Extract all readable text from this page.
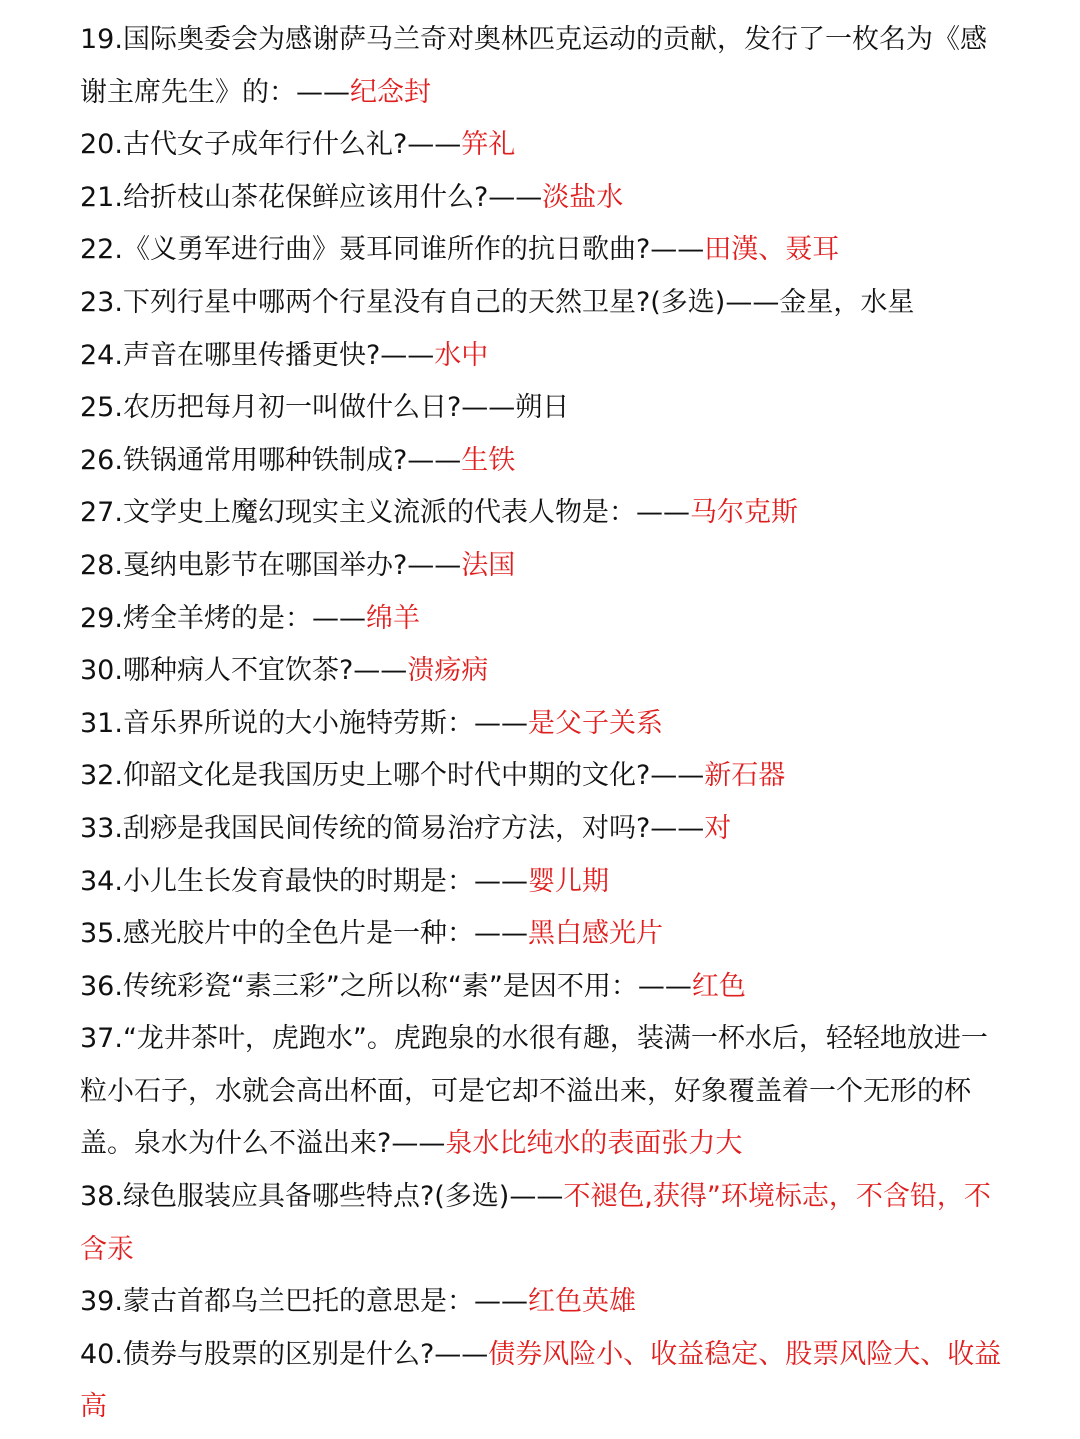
19.国际奥委会为感谢萨马兰奇对奥林匹克运动的贡献，发行了一枚名为《感谢主席先生》的：——纪念封

20.古代女子成年行什么礼?——笄礼

21.给折枝山茶花保鲜应该用什么?——淡盐水

22.《义勇军进行曲》聂耳同谁所作的抗日歌曲?——田漢、聂耳

23.下列行星中哪两个行星没有自己的天然卫星?(多选)——金星，水星

24.声音在哪里传播更快?——水中

25.农历把每月初一叫做什么日?——朔日

26.铁锅通常用哪种铁制成?——生铁

27.文学史上魔幻现实主义流派的代表人物是：——马尔克斯

28.戛纳电影节在哪国举办?——法国

29.烤全羊烤的是：——绵羊

30.哪种病人不宜饮茶?——溃疡病

31.音乐界所说的大小施特劳斯：——是父子关系

32.仰韶文化是我国历史上哪个时代中期的文化?——新石器

33.刮痧是我国民间传统的简易治疗方法，对吗?——对

34.小儿生长发育最快的时期是：——婴儿期

35.感光胶片中的全色片是一种：——黑白感光片

36.传统彩瓷“素三彩”之所以称“素”是因不用：——红色

37.“龙井茶叶，虎跑水”。虎跑泉的水很有趣，装满一杯水后，轻轻地放进一粒小石子，水就会高出杯面，可是它却不溢出来，好象覆盖着一个无形的杯盖。泉水为什么不溢出来?——泉水比纯水的表面张力大

38.绿色服装应具备哪些特点?(多选)——不褪色,获得”环境标志，不含铅，不含汞

39.蒙古首都乌兰巴托的意思是：——红色英雄

40.债券与股票的区别是什么?——债券风险小、收益稳定、股票风险大、收益高
